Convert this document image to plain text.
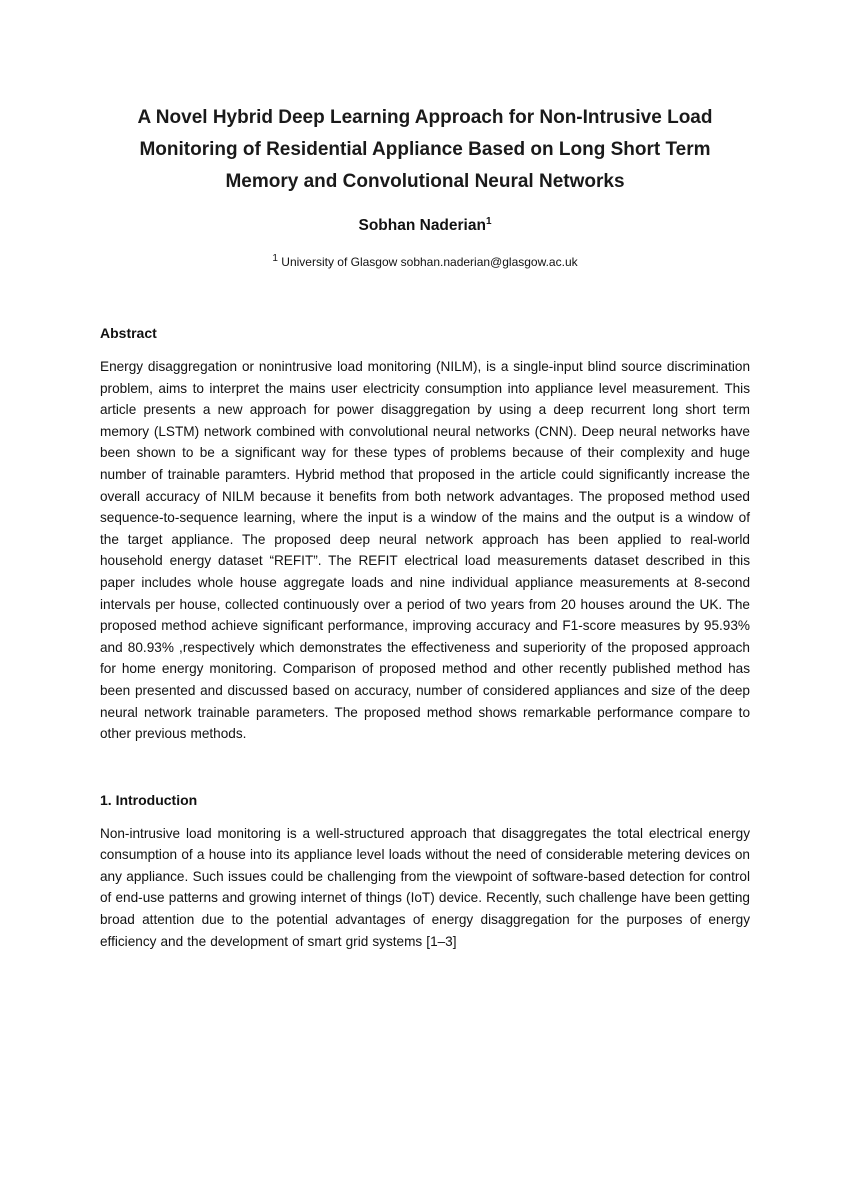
A Novel Hybrid Deep Learning Approach for Non-Intrusive Load
Monitoring of Residential Appliance Based on Long Short Term
Memory and Convolutional Neural Networks
Sobhan Naderian$^1$
$^1$ University of Glasgow sobhan.naderian@glasgow.ac.uk
Abstract

Energy disaggregation or nonintrusive load monitoring (NILM), is a single-input blind source discrimination problem, aims to interpret the mains user electricity consumption into appliance level measurement. This article presents a new approach for power disaggregation by using a deep recurrent long short term memory (LSTM) network combined with convolutional neural networks (CNN). Deep neural networks have been shown to be a significant way for these types of problems because of their complexity and huge number of trainable paramters. Hybrid method that proposed in the article could significantly increase the overall accuracy of NILM because it benefits from both network advantages. The proposed method used sequence-to-sequence learning, where the input is a window of the mains and the output is a window of the target appliance. The proposed deep neural network approach has been applied to real-world household energy dataset “REFIT”. The REFIT electrical load measurements dataset described in this paper includes whole house aggregate loads and nine individual appliance measurements at 8-second intervals per house, collected continuously over a period of two years from 20 houses around the UK. The proposed method achieve significant performance, improving accuracy and F1-score measures by 95.93% and 80.93% ,respectively which demonstrates the effectiveness and superiority of the proposed approach for home energy monitoring. Comparison of proposed method and other recently published method has been presented and discussed based on accuracy, number of considered appliances and size of the deep neural network trainable parameters. The proposed method shows remarkable performance compare to other previous methods.

1. Introduction

Non-intrusive load monitoring is a well-structured approach that disaggregates the total electrical energy consumption of a house into its appliance level loads without the need of considerable metering devices on any appliance. Such issues could be challenging from the viewpoint of software-based detection for control of end-use patterns and growing internet of things (IoT) device. Recently, such challenge have been getting broad attention due to the potential advantages of energy disaggregation for the purposes of energy efficiency and the development of smart grid systems [1–3]
